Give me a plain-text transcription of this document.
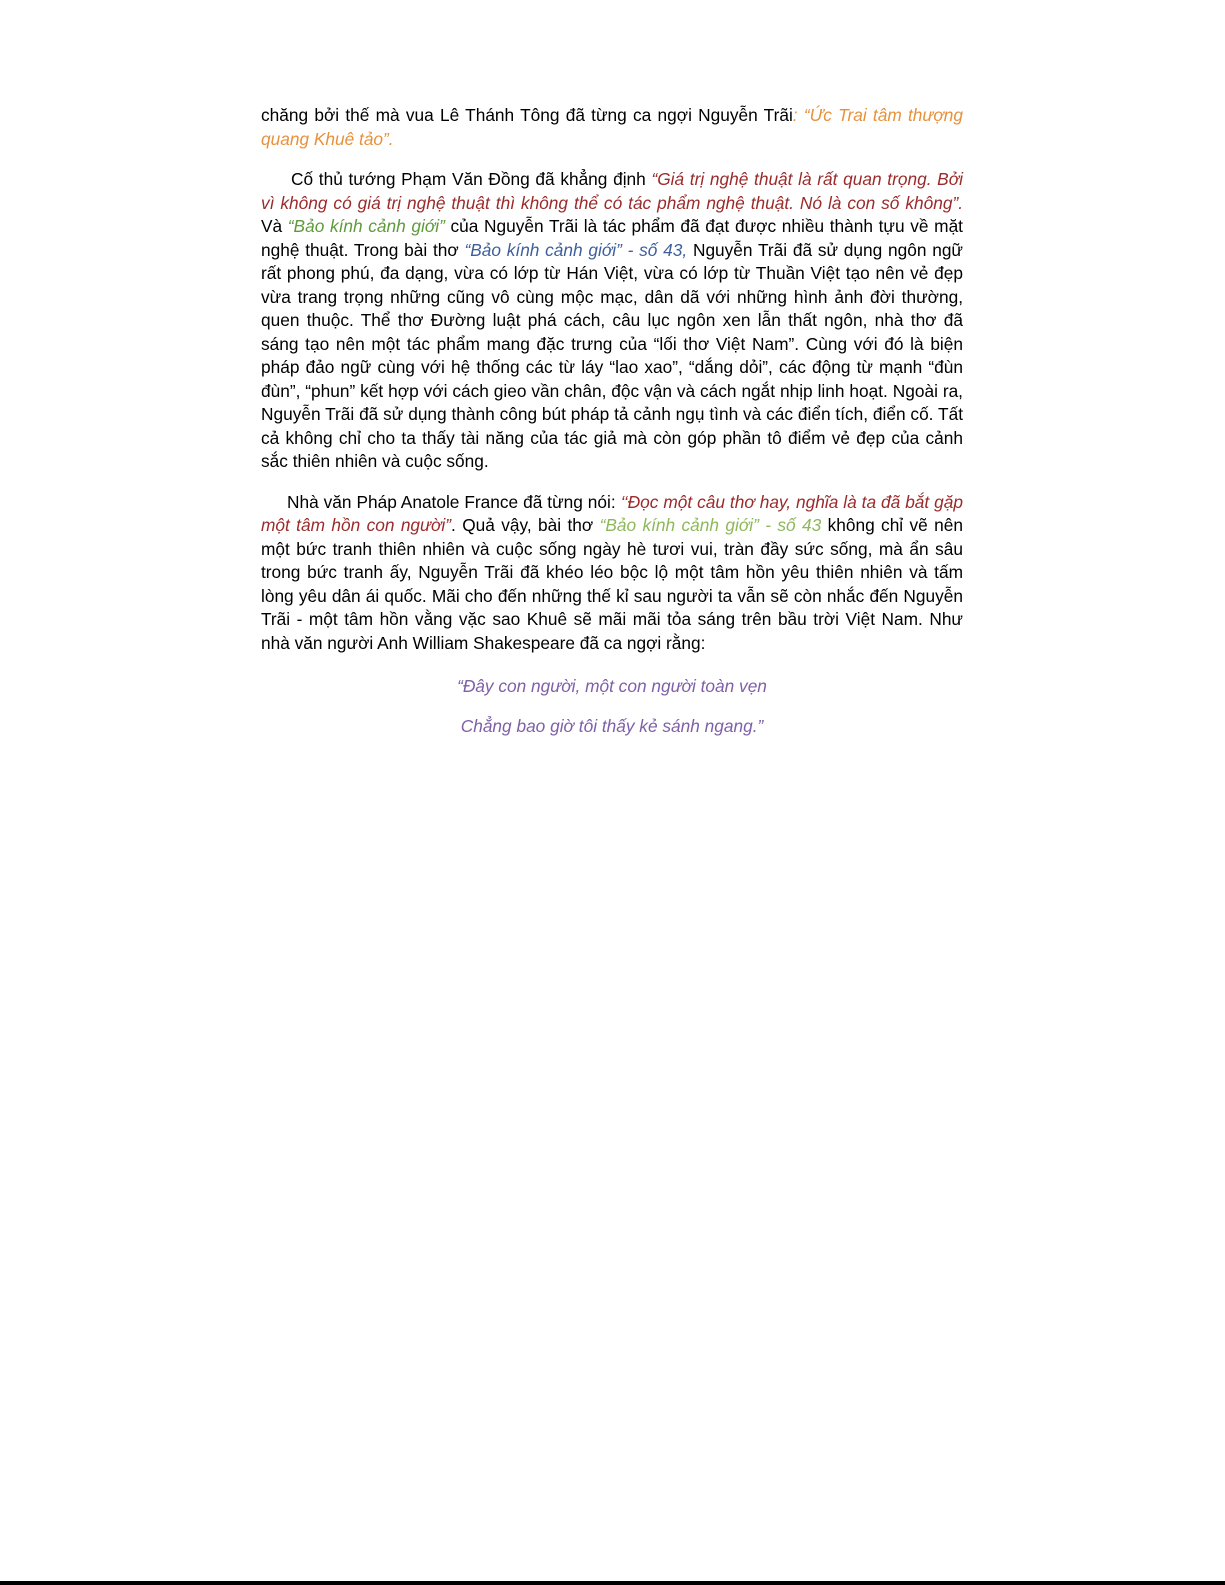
chăng bởi thế mà vua Lê Thánh Tông đã từng ca ngợi Nguyễn Trãi: “Ức Trai tâm thượng quang Khuê tảo”.

Cố thủ tướng Phạm Văn Đồng đã khẳng định “Giá trị nghệ thuật là rất quan trọng. Bởi vì không có giá trị nghệ thuật thì không thể có tác phẩm nghệ thuật. Nó là con số không”. Và “Bảo kính cảnh giới” của Nguyễn Trãi là tác phẩm đã đạt được nhiều thành tựu về mặt nghệ thuật. Trong bài thơ “Bảo kính cảnh giới” - số 43, Nguyễn Trãi đã sử dụng ngôn ngữ rất phong phú, đa dạng, vừa có lớp từ Hán Việt, vừa có lớp từ Thuần Việt tạo nên vẻ đẹp vừa trang trọng những cũng vô cùng mộc mạc, dân dã với những hình ảnh đời thường, quen thuộc. Thể thơ Đường luật phá cách, câu lục ngôn xen lẫn thất ngôn, nhà thơ đã sáng tạo nên một tác phẩm mang đặc trưng của “lối thơ Việt Nam”. Cùng với đó là biện pháp đảo ngữ cùng với hệ thống các từ láy “lao xao”, “dắng dỏi”, các động từ mạnh “đùn đùn”, “phun” kết hợp với cách gieo vần chân, độc vận và cách ngắt nhịp linh hoạt. Ngoài ra, Nguyễn Trãi đã sử dụng thành công bút pháp tả cảnh ngụ tình và các điển tích, điển cố. Tất cả không chỉ cho ta thấy tài năng của tác giả mà còn góp phần tô điểm vẻ đẹp của cảnh sắc thiên nhiên và cuộc sống.

Nhà văn Pháp Anatole France đã từng nói: ‘‘Đọc một câu thơ hay, nghĩa là ta đã bắt gặp một tâm hồn con người”. Quả vậy, bài thơ “Bảo kính cảnh giới” - số 43 không chỉ vẽ nên một bức tranh thiên nhiên và cuộc sống ngày hè tươi vui, tràn đầy sức sống, mà ẩn sâu trong bức tranh ấy, Nguyễn Trãi đã khéo léo bộc lộ một tâm hồn yêu thiên nhiên và tấm lòng yêu dân ái quốc. Mãi cho đến những thế kỉ sau người ta vẫn sẽ còn nhắc đến Nguyễn Trãi - một tâm hồn vằng vặc sao Khuê sẽ mãi mãi tỏa sáng trên bầu trời Việt Nam. Như nhà văn người Anh William Shakespeare đã ca ngợi rằng:

“Đây con người, một con người toàn vẹn
Chẳng bao giờ tôi thấy kẻ sánh ngang.”
